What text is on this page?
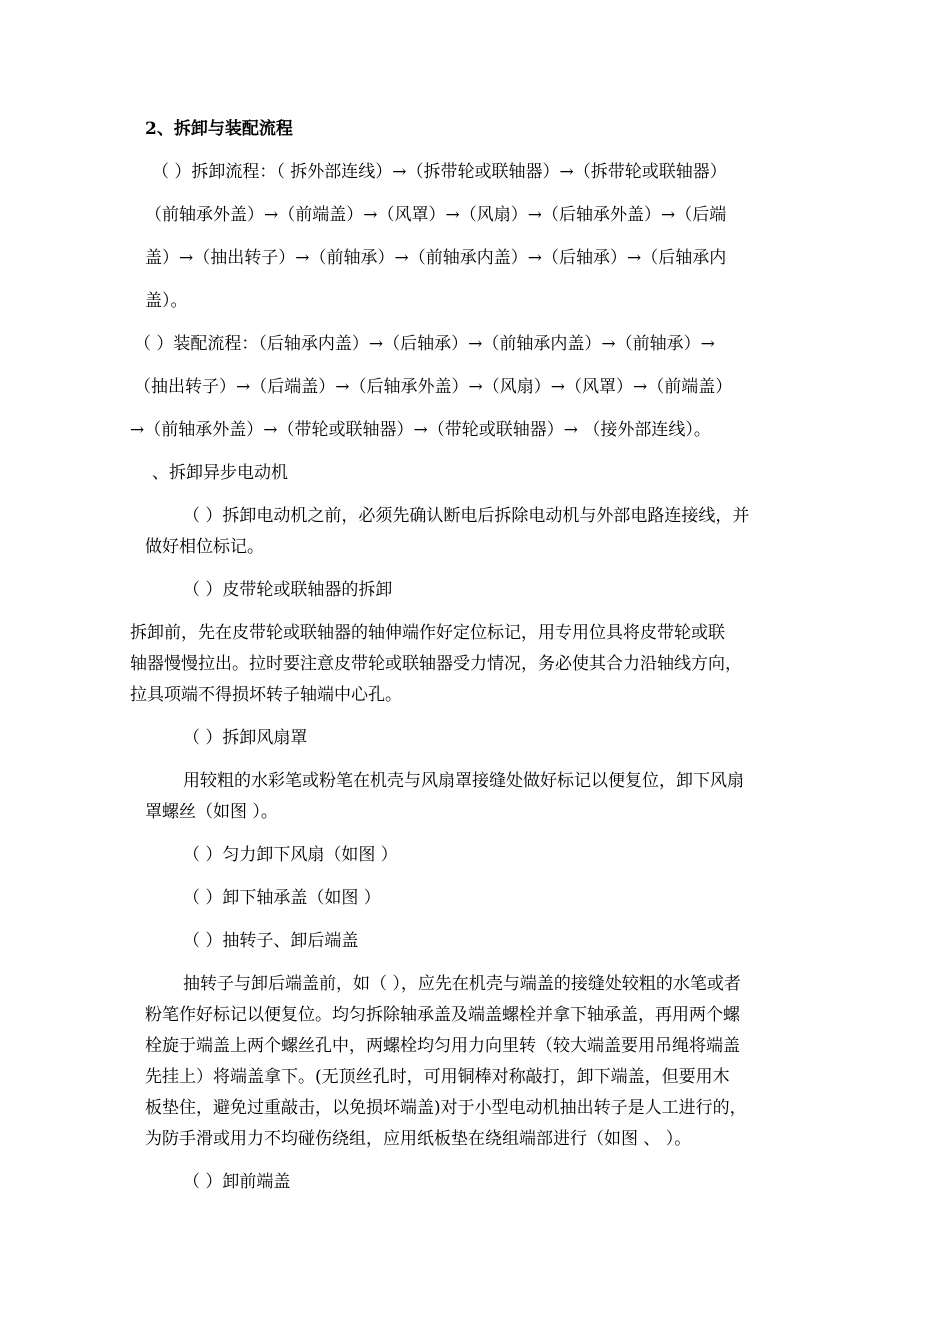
2、拆卸与装配流程
（ ）拆卸流程：（ 拆外部连线）→（拆带轮或联轴器）→（拆带轮或联轴器）
（前轴承外盖）→（前端盖）→（风罩）→（风扇）→（后轴承外盖）→（后端
盖）→（抽出转子）→（前轴承）→（前轴承内盖）→（后轴承）→（后轴承内
盖）。
（ ）装配流程：（后轴承内盖）→（后轴承）→（前轴承内盖）→（前轴承）→
（抽出转子）→（后端盖）→（后轴承外盖）→（风扇）→（风罩）→（前端盖）
→（前轴承外盖）→（带轮或联轴器）→（带轮或联轴器）→ （接外部连线）。
、拆卸异步电动机
（ ）拆卸电动机之前，必须先确认断电后拆除电动机与外部电路连接线，并
做好相位标记。
（ ）皮带轮或联轴器的拆卸
拆卸前，先在皮带轮或联轴器的轴伸端作好定位标记，用专用位具将皮带轮或联
轴器慢慢拉出。拉时要注意皮带轮或联轴器受力情况，务必使其合力沿轴线方向，
拉具项端不得损坏转子轴端中心孔。
（ ）拆卸风扇罩
用较粗的水彩笔或粉笔在机壳与风扇罩接缝处做好标记以便复位，卸下风扇
罩螺丝（如图 ）。
（ ）匀力卸下风扇（如图 ）
（ ）卸下轴承盖（如图 ）
（ ）抽转子、卸后端盖
抽转子与卸后端盖前，如（ ），应先在机壳与端盖的接缝处较粗的水笔或者
粉笔作好标记以便复位。均匀拆除轴承盖及端盖螺栓并拿下轴承盖，再用两个螺
栓旋于端盖上两个螺丝孔中，两螺栓均匀用力向里转（较大端盖要用吊绳将端盖
先挂上）将端盖拿下。(无顶丝孔时，可用铜棒对称敲打，卸下端盖，但要用木
板垫住，避免过重敲击，以免损坏端盖)对于小型电动机抽出转子是人工进行的，
为防手滑或用力不均碰伤绕组，应用纸板垫在绕组端部进行（如图 、 ）。
（ ）卸前端盖
